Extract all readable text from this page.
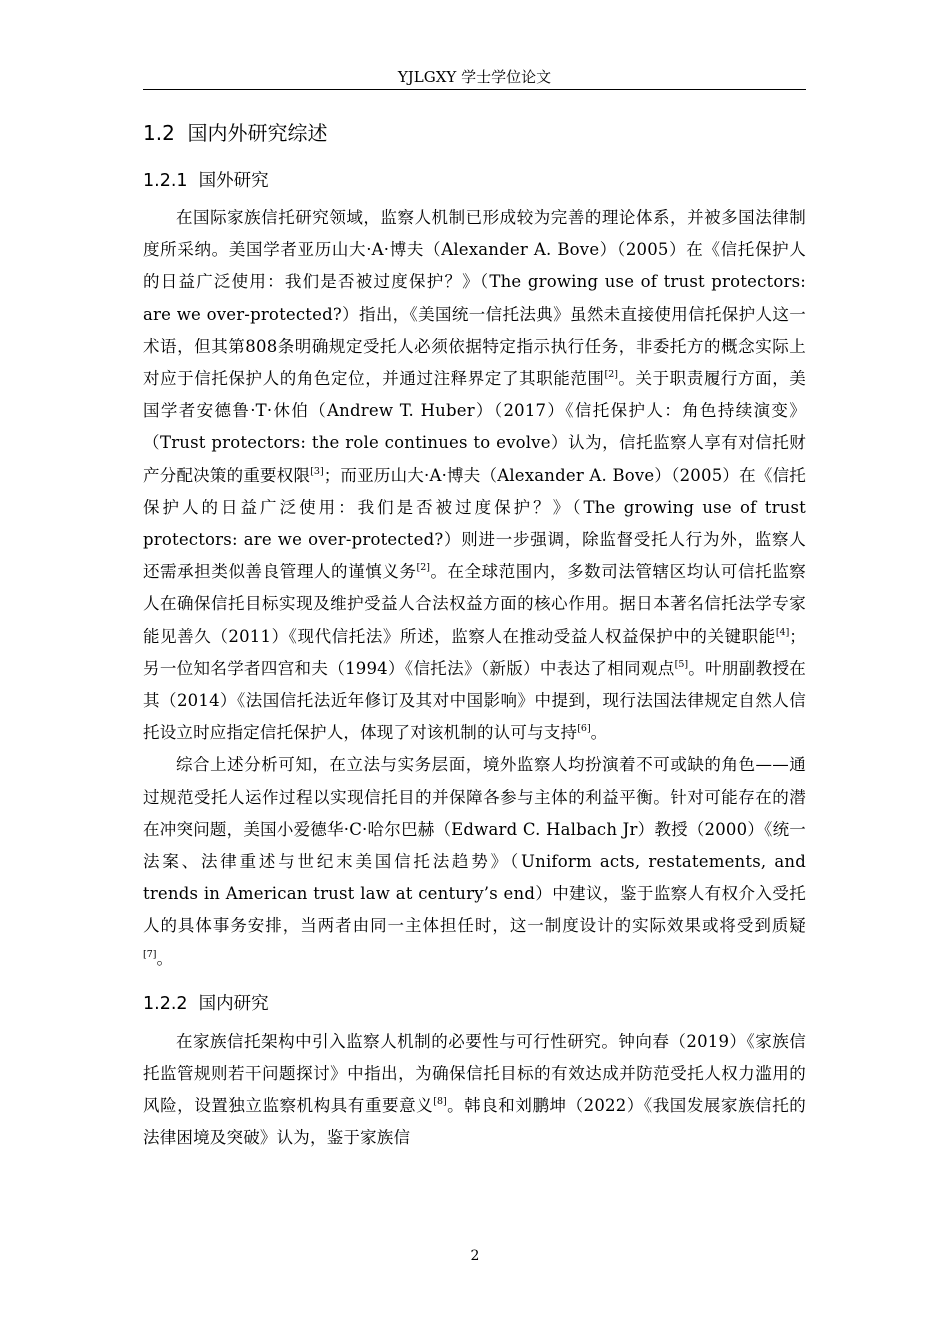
YJLGXY 学士学位论文
1.2 国内外研究综述
1.2.1 国外研究

在国际家族信托研究领域，监察人机制已形成较为完善的理论体系，并被多国法律制度所采纳。美国学者亚历山大·A·博夫（Alexander A. Bove）（2005）在《信托保护人的日益广泛使用：我们是否被过度保护？》（The growing use of trust protectors: are we over-protected?）指出，《美国统一信托法典》虽然未直接使用信托保护人这一术语，但其第808条明确规定受托人必须依据特定指示执行任务，非委托方的概念实际上对应于信托保护人的角色定位，并通过注释界定了其职能范围[2]。关于职责履行方面，美国学者安德鲁·T·休伯（Andrew T. Huber）（2017）《信托保护人：角色持续演变》（Trust protectors: the role continues to evolve）认为，信托监察人享有对信托财产分配决策的重要权限[3]；而亚历山大·A·博夫（Alexander A. Bove）（2005）在《信托保护人的日益广泛使用：我们是否被过度保护？》（The growing use of trust protectors: are we over-protected?）则进一步强调，除监督受托人行为外，监察人还需承担类似善良管理人的谨慎义务[2]。在全球范围内，多数司法管辖区均认可信托监察人在确保信托目标实现及维护受益人合法权益方面的核心作用。据日本著名信托法学专家能见善久（2011）《现代信托法》所述，监察人在推动受益人权益保护中的关键职能[4]；另一位知名学者四宫和夫（1994）《信托法》（新版）中表达了相同观点[5]。叶朋副教授在其（2014）《法国信托法近年修订及其对中国影响》中提到，现行法国法律规定自然人信托设立时应指定信托保护人，体现了对该机制的认可与支持[6]。

综合上述分析可知，在立法与实务层面，境外监察人均扮演着不可或缺的角色——通过规范受托人运作过程以实现信托目的并保障各参与主体的利益平衡。针对可能存在的潜在冲突问题，美国小爱德华·C·哈尔巴赫（Edward C. Halbach Jr）教授（2000）《统一法案、法律重述与世纪末美国信托法趋势》（Uniform acts, restatements, and trends in American trust law at century’s end）中建议，鉴于监察人有权介入受托人的具体事务安排，当两者由同一主体担任时，这一制度设计的实际效果或将受到质疑[7]。

1.2.2 国内研究

在家族信托架构中引入监察人机制的必要性与可行性研究。钟向春（2019）《家族信托监管规则若干问题探讨》中指出，为确保信托目标的有效达成并防范受托人权力滥用的风险，设置独立监察机构具有重要意义[8]。韩良和刘鹏坤（2022）《我国发展家族信托的法律困境及突破》认为，鉴于家族信

2
